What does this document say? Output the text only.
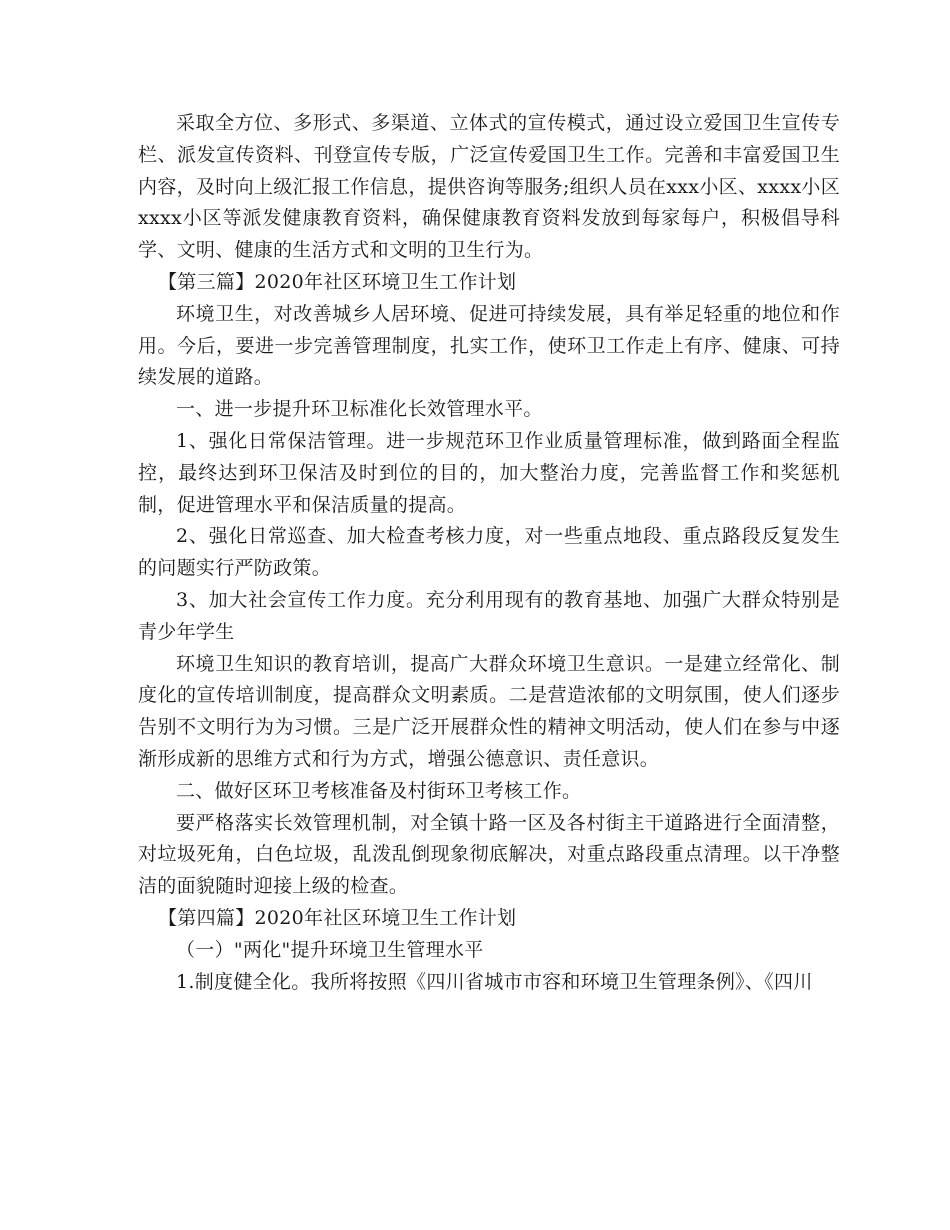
采取全方位、多形式、多渠道、立体式的宣传模式，通过设立爱国卫生宣传专栏、派发宣传资料、刊登宣传专版，广泛宣传爱国卫生工作。完善和丰富爱国卫生内容，及时向上级汇报工作信息，提供咨询等服务;组织人员在xxx小区、xxxx小区xxxx小区等派发健康教育资料，确保健康教育资料发放到每家每户，积极倡导科学、文明、健康的生活方式和文明的卫生行为。

【第三篇】2020年社区环境卫生工作计划

环境卫生，对改善城乡人居环境、促进可持续发展，具有举足轻重的地位和作用。今后，要进一步完善管理制度，扎实工作，使环卫工作走上有序、健康、可持续发展的道路。

一、进一步提升环卫标准化长效管理水平。

1、强化日常保洁管理。进一步规范环卫作业质量管理标准，做到路面全程监控，最终达到环卫保洁及时到位的目的，加大整治力度，完善监督工作和奖惩机制，促进管理水平和保洁质量的提高。

2、强化日常巡查、加大检查考核力度，对一些重点地段、重点路段反复发生的问题实行严防政策。

3、加大社会宣传工作力度。充分利用现有的教育基地、加强广大群众特别是青少年学生

环境卫生知识的教育培训，提高广大群众环境卫生意识。一是建立经常化、制度化的宣传培训制度，提高群众文明素质。二是营造浓郁的文明氛围，使人们逐步告别不文明行为为习惯。三是广泛开展群众性的精神文明活动，使人们在参与中逐渐形成新的思维方式和行为方式，增强公德意识、责任意识。

二、做好区环卫考核准备及村街环卫考核工作。

要严格落实长效管理机制，对全镇十路一区及各村街主干道路进行全面清整，对垃圾死角，白色垃圾，乱泼乱倒现象彻底解决，对重点路段重点清理。以干净整洁的面貌随时迎接上级的检查。

【第四篇】2020年社区环境卫生工作计划

（一）"两化"提升环境卫生管理水平

1.制度健全化。我所将按照《四川省城市市容和环境卫生管理条例》、《四川
